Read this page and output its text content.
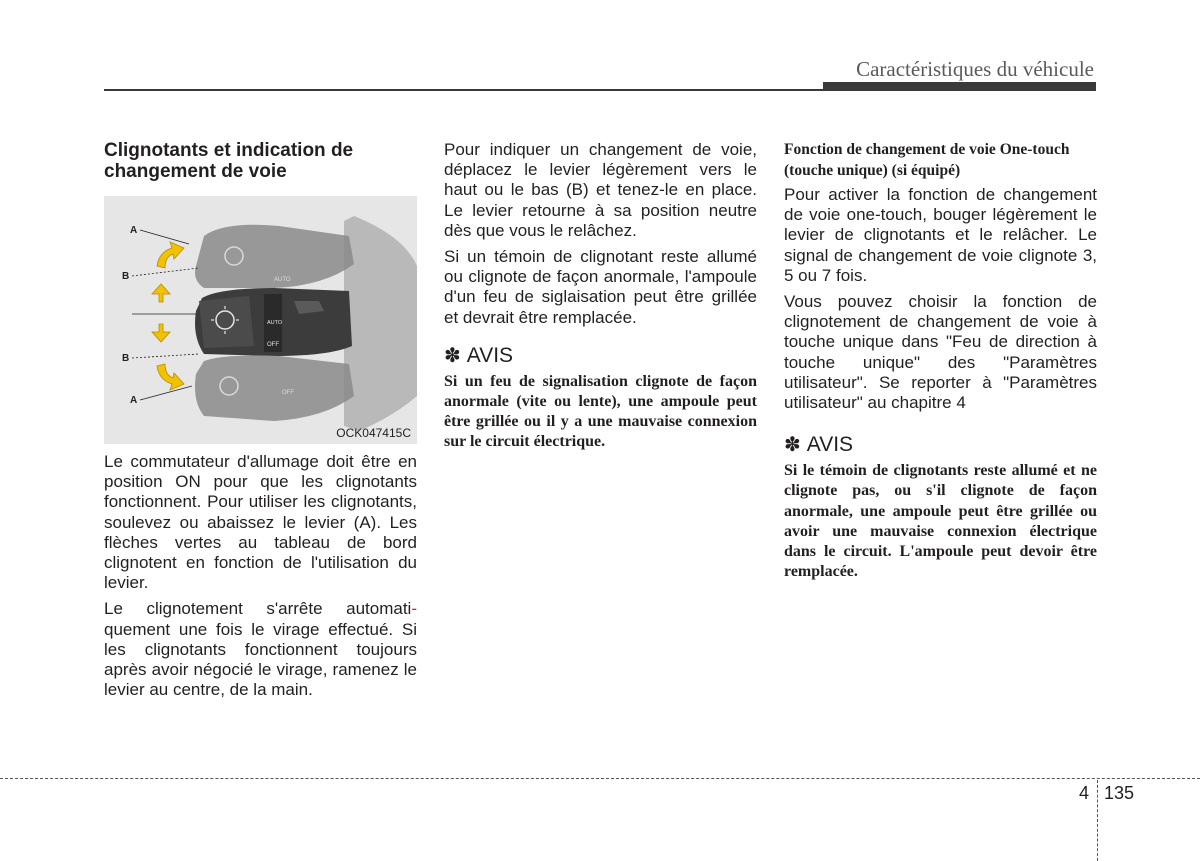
Caractéristiques du véhicule
Clignotants et indication de changement de voie
AUTO
OFF
AUTO
OFF
A
B
B
A
OCK047415C

Le commutateur d'allumage doit être en position ON pour que les clignotants fonctionnent. Pour utiliser les clignotants, soulevez ou abaissez le levier (A). Les flèches vertes au tableau de bord clignotent en fonction de l'utilisation du levier.

Le clignotement s'arrête automati-quement une fois le virage effectué. Si les clignotants fonctionnent toujours après avoir négocié le virage, ramenez le levier au centre, de la main.

Pour indiquer un changement de voie, déplacez le levier légèrement vers le haut ou le bas (B) et tenez-le en place. Le levier retourne à sa position neutre dès que vous le relâchez.

Si un témoin de clignotant reste allumé ou clignote de façon anormale, l'ampoule d'un feu de siglaisation peut être grillée et devrait être remplacée.

✽ AVIS

Si un feu de signalisation clignote de façon anormale (vite ou lente), une ampoule peut être grillée ou il y a une mauvaise connexion sur le circuit électrique.

Fonction de changement de voie One-touch (touche unique) (si équipé)

Pour activer la fonction de changement de voie one-touch, bouger légèrement le levier de clignotants et le relâcher. Le signal de changement de voie clignote 3, 5 ou 7 fois.

Vous pouvez choisir la fonction de clignotement de changement de voie à touche unique dans "Feu de direction à touche unique" des "Paramètres utilisateur". Se reporter à "Paramètres utilisateur" au chapitre 4

✽ AVIS

Si le témoin de clignotants reste allumé et ne clignote pas, ou s'il clignote de façon anormale, une ampoule peut être grillée ou avoir une mauvaise connexion électrique dans le circuit. L'ampoule peut devoir être remplacée.

4 135
